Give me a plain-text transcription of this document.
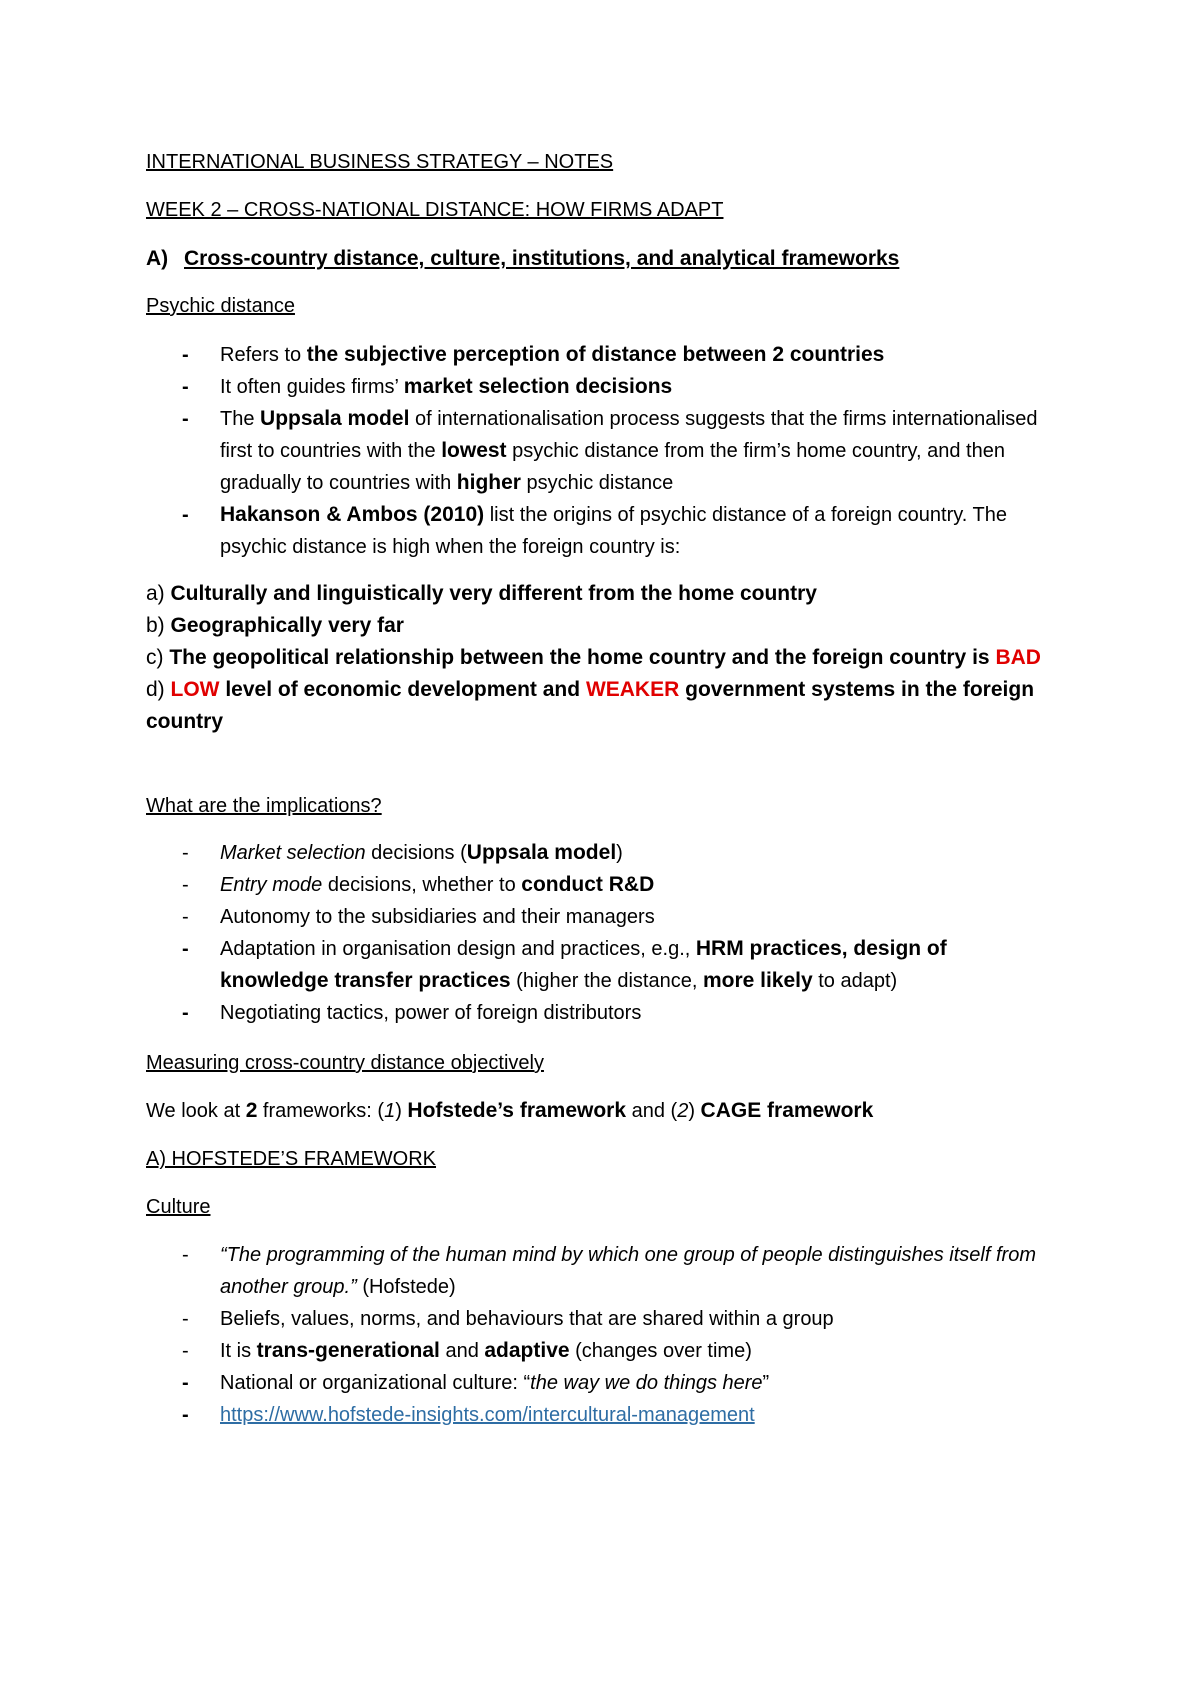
INTERNATIONAL BUSINESS STRATEGY – NOTES
WEEK 2 – CROSS-NATIONAL DISTANCE: HOW FIRMS ADAPT
A) Cross-country distance, culture, institutions, and analytical frameworks
Psychic distance
- Refers to the subjective perception of distance between 2 countries
- It often guides firms’ market selection decisions
- The Uppsala model of internationalisation process suggests that the firms internationalised first to countries with the lowest psychic distance from the firm’s home country, and then gradually to countries with higher psychic distance
- Hakanson & Ambos (2010) list the origins of psychic distance of a foreign country. The psychic distance is high when the foreign country is:
a) Culturally and linguistically very different from the home country
b) Geographically very far
c) The geopolitical relationship between the home country and the foreign country is BAD
d) LOW level of economic development and WEAKER government systems in the foreign country
What are the implications?
- Market selection decisions (Uppsala model)
- Entry mode decisions, whether to conduct R&D
- Autonomy to the subsidiaries and their managers
- Adaptation in organisation design and practices, e.g., HRM practices, design of knowledge transfer practices (higher the distance, more likely to adapt)
- Negotiating tactics, power of foreign distributors
Measuring cross-country distance objectively
We look at 2 frameworks: (1) Hofstede’s framework and (2) CAGE framework
A) HOFSTEDE’S FRAMEWORK
Culture
- “The programming of the human mind by which one group of people distinguishes itself from another group.” (Hofstede)
- Beliefs, values, norms, and behaviours that are shared within a group
- It is trans-generational and adaptive (changes over time)
- National or organizational culture: “the way we do things here”
- https://www.hofstede-insights.com/intercultural-management
